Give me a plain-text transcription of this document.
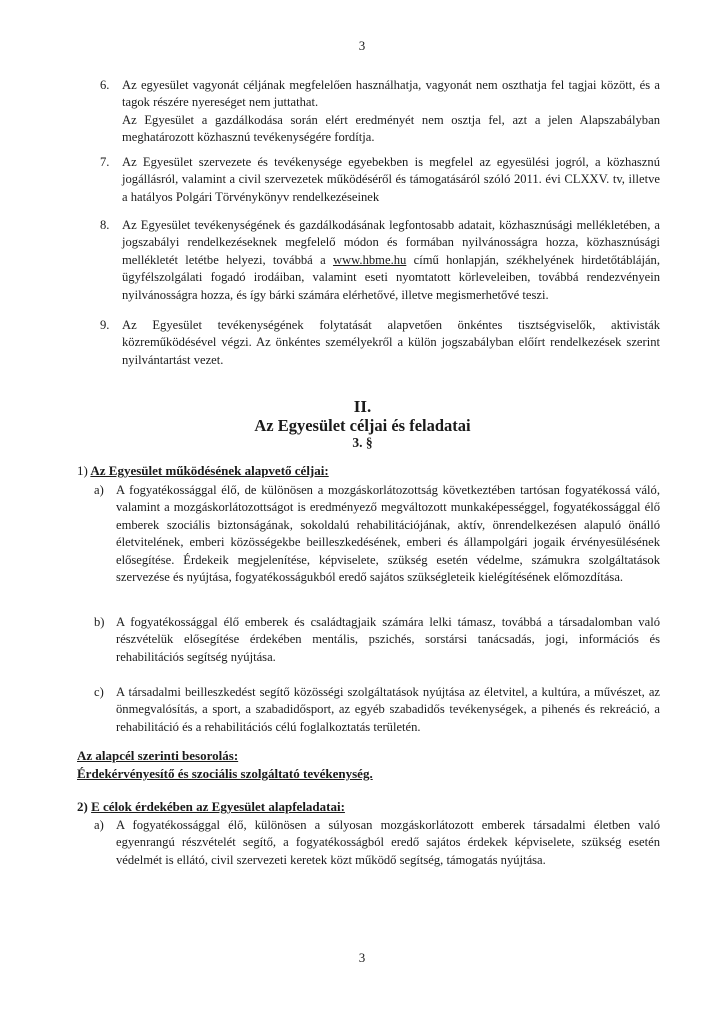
3
6. Az egyesület vagyonát céljának megfelelően használhatja, vagyonát nem oszthatja fel tagjai között, és a tagok részére nyereséget nem juttathat.

Az Egyesület a gazdálkodása során elért eredményét nem osztja fel, azt a jelen Alapszabályban meghatározott közhasznú tevékenységére fordítja.

7. Az Egyesület szervezete és tevékenysége egyebekben is megfelel az egyesülési jogról, a közhasznú jogállásról, valamint a civil szervezetek működéséről és támogatásáról szóló 2011. évi CLXXV. tv, illetve a hatályos Polgári Törvénykönyv rendelkezéseinek

8. Az Egyesület tevékenységének és gazdálkodásának legfontosabb adatait, közhasznúsági mellékletében, a jogszabályi rendelkezéseknek megfelelő módon és formában nyilvánosságra hozza, közhasznúsági mellékletét letétbe helyezi, továbbá a www.hbme.hu című honlapján, székhelyének hirdetőtábláján, ügyfélszolgálati fogadó irodáiban, valamint eseti nyomtatott körleveleiben, továbbá rendezvényein nyilvánosságra hozza, és így bárki számára elérhetővé, illetve megismerhetővé teszi.

9. Az Egyesület tevékenységének folytatását alapvetően önkéntes tisztségviselők, aktivisták közreműködésével végzi. Az önkéntes személyekről a külön jogszabályban előírt rendelkezések szerint nyilvántartást vezet.

II.
Az Egyesület céljai és feladatai
3. §
1) Az Egyesület működésének alapvető céljai:
a) A fogyatékossággal élő, de különösen a mozgáskorlátozottság következtében tartósan fogyatékossá váló, valamint a mozgáskorlátozottságot is eredményező megváltozott munkaképességgel, fogyatékossággal élő emberek szociális biztonságának, sokoldalú rehabilitációjának, aktív, önrendelkezésen alapuló önálló életvitelének, emberi közösségekbe beilleszkedésének, emberi és állampolgári jogaik érvényesülésének elősegítése. Érdekeik megjelenítése, képviselete, szükség esetén védelme, számukra szolgáltatások szervezése és nyújtása, fogyatékosságukból eredő sajátos szükségleteik kielégítésének előmozdítása.
b) A fogyatékossággal élő emberek és családtagjaik számára lelki támasz, továbbá a társadalomban való részvételük elősegítése érdekében mentális, pszichés, sorstársi tanácsadás, jogi, információs és rehabilitációs segítség nyújtása.
c) A társadalmi beilleszkedést segítő közösségi szolgáltatások nyújtása az életvitel, a kultúra, a művészet, az önmegvalósítás, a sport, a szabadidősport, az egyéb szabadidős tevékenységek, a pihenés és rekreáció, a rehabilitáció és a rehabilitációs célú foglalkoztatás területén.
Az alapcél szerinti besorolás:
Érdekérvényesítő és szociális szolgáltató tevékenység.
2) E célok érdekében az Egyesület alapfeladatai:
a) A fogyatékossággal élő, különösen a súlyosan mozgáskorlátozott emberek társadalmi életben való egyenrangú részvételét segítő, a fogyatékosságból eredő sajátos érdekek képviselete, szükség esetén védelmét is ellátó, civil szervezeti keretek közt működő segítség, támogatás nyújtása.
3
